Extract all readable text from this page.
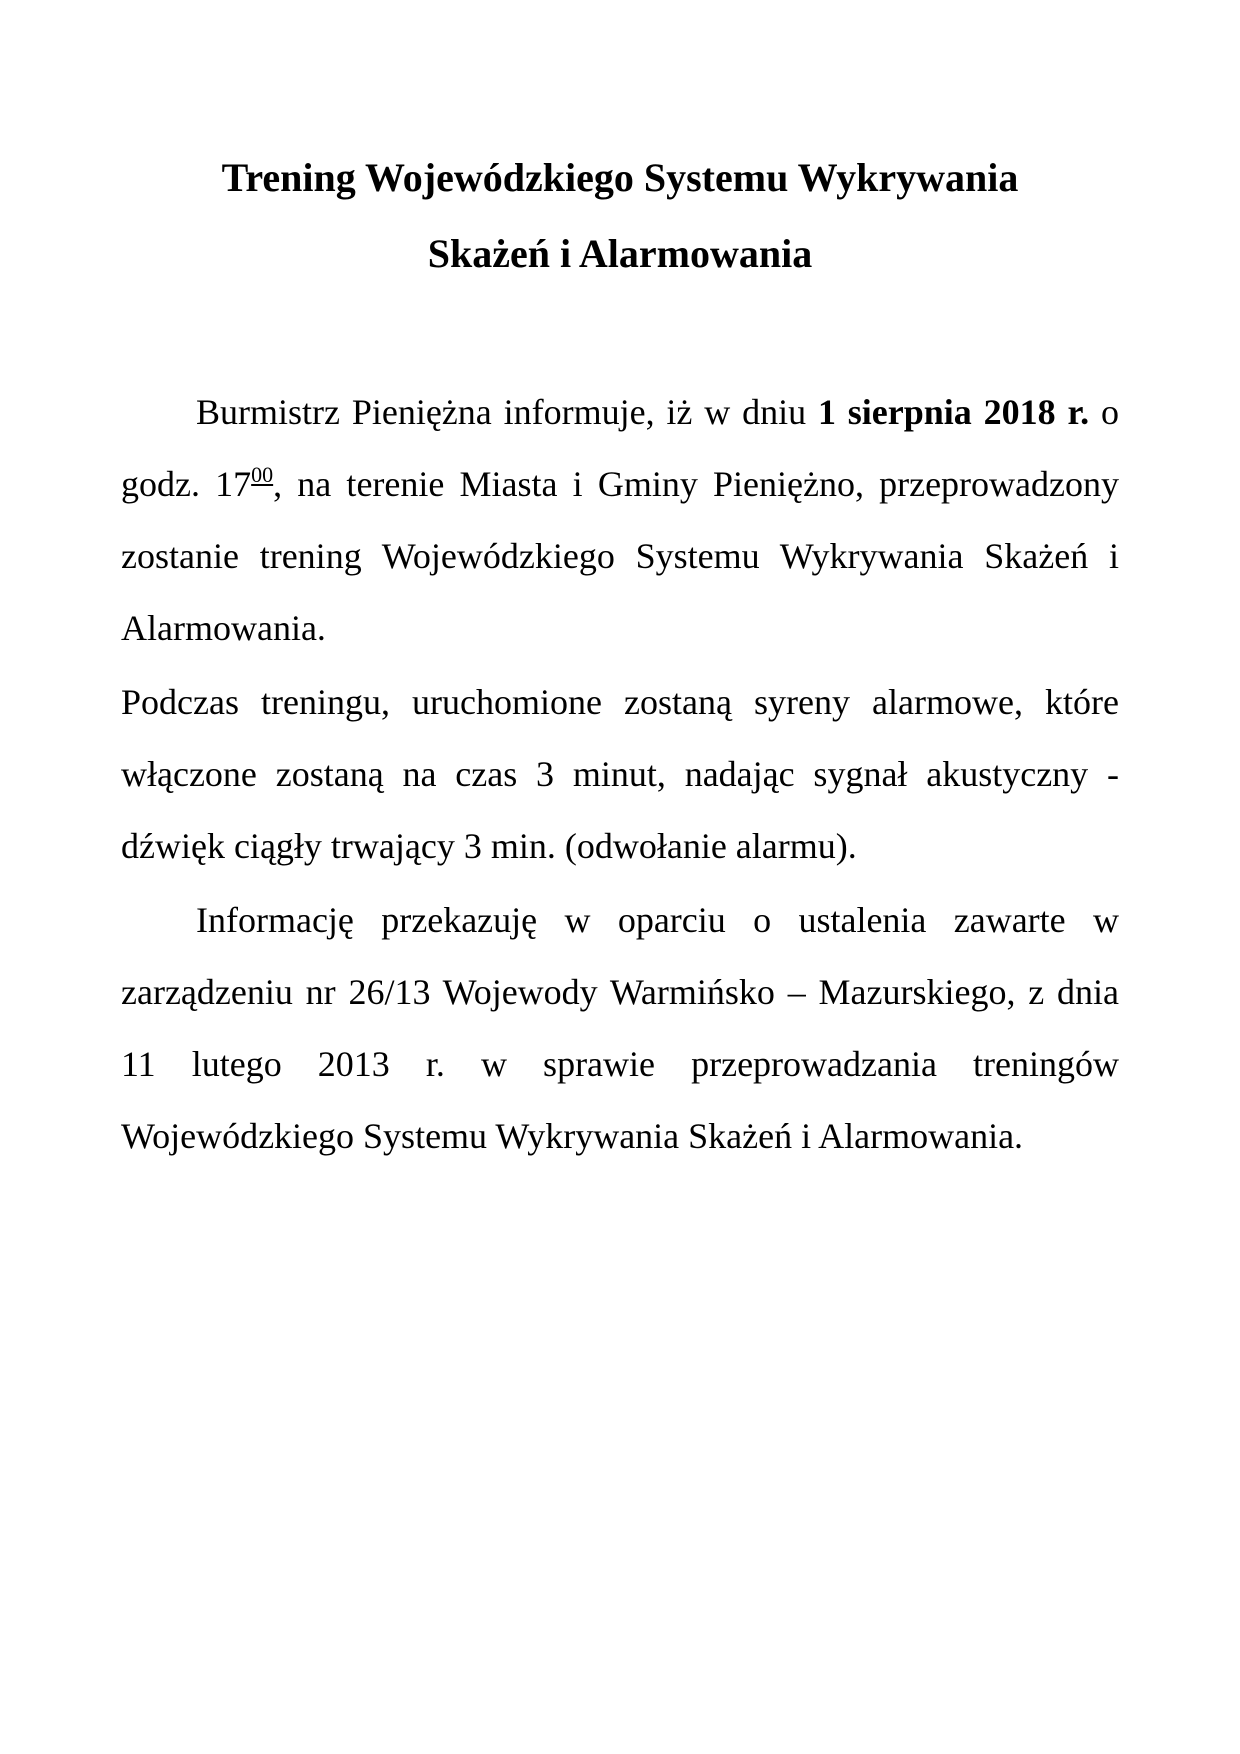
Trening Wojewódzkiego Systemu Wykrywania
Skażeń i Alarmowania

Burmistrz Pieniężna informuje, iż w dniu 1 sierpnia 2018 r. o godz. $17^{00}$, na terenie Miasta i Gminy Pieniężno, przeprowadzony zostanie trening Wojewódzkiego Systemu Wykrywania Skażeń i Alarmowania.

Podczas treningu, uruchomione zostaną syreny alarmowe, które włączone zostaną na czas 3 minut, nadając sygnał akustyczny - dźwięk ciągły trwający 3 min. (odwołanie alarmu).

Informację przekazuję w oparciu o ustalenia zawarte w zarządzeniu nr 26/13 Wojewody Warmińsko – Mazurskiego, z dnia 11 lutego 2013 r. w sprawie przeprowadzania treningów Wojewódzkiego Systemu Wykrywania Skażeń i Alarmowania.
